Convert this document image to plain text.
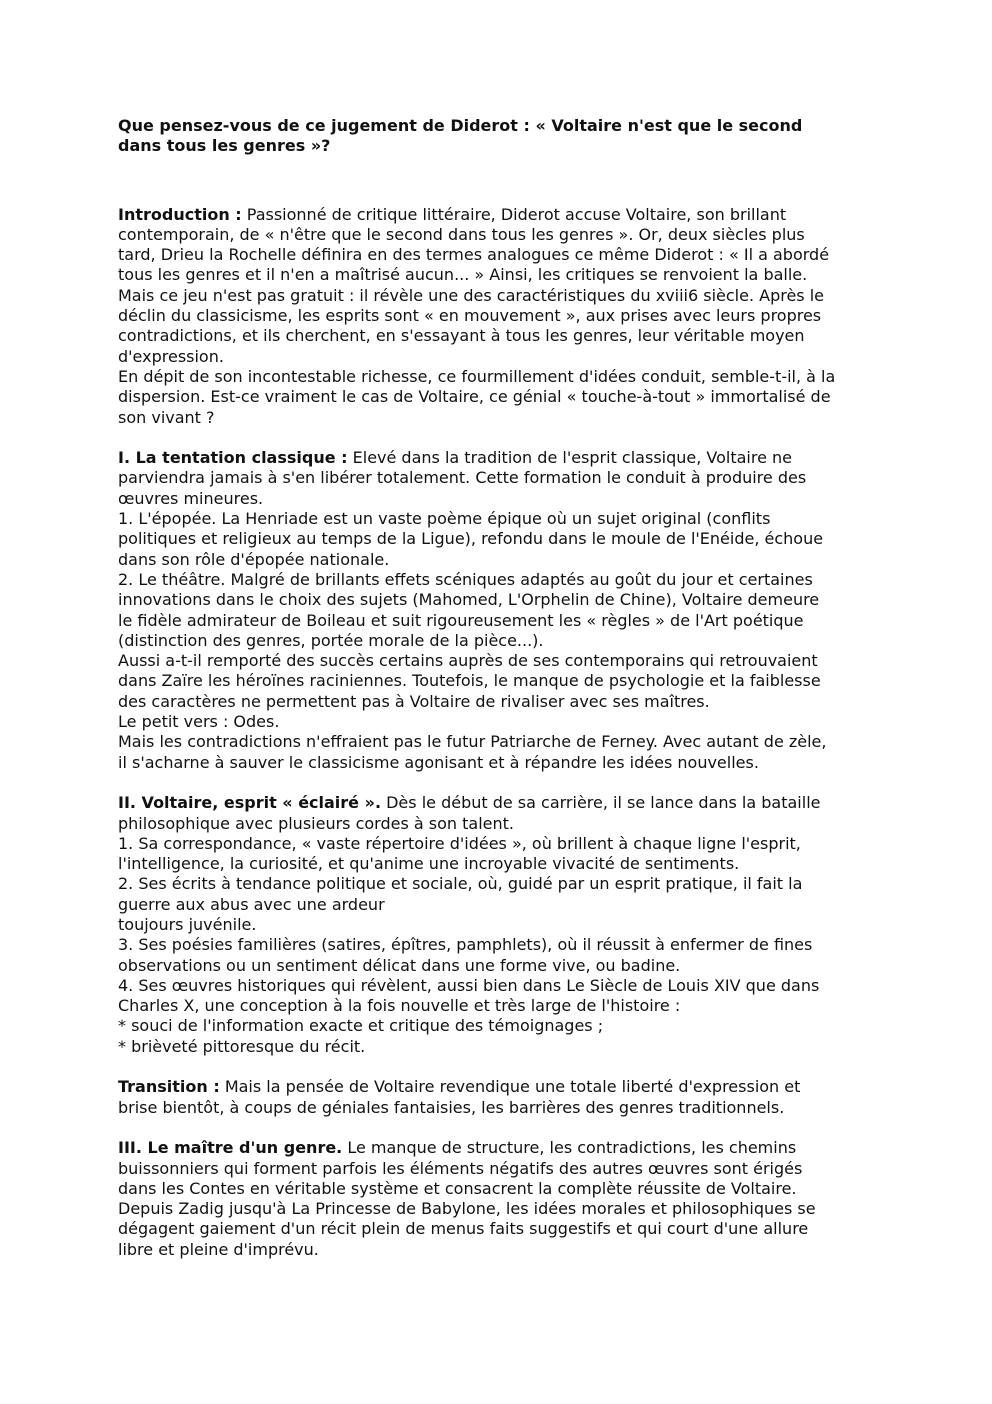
Que pensez-vous de ce jugement de Diderot : « Voltaire n'est que le second
dans tous les genres »?
Introduction : Passionné de critique littéraire, Diderot accuse Voltaire, son brillant
contemporain, de « n'être que le second dans tous les genres ». Or, deux siècles plus
tard, Drieu la Rochelle définira en des termes analogues ce même Diderot : « Il a abordé
tous les genres et il n'en a maîtrisé aucun... » Ainsi, les critiques se renvoient la balle.
Mais ce jeu n'est pas gratuit : il révèle une des caractéristiques du xviii6 siècle. Après le
déclin du classicisme, les esprits sont « en mouvement », aux prises avec leurs propres
contradictions, et ils cherchent, en s'essayant à tous les genres, leur véritable moyen
d'expression.
En dépit de son incontestable richesse, ce fourmillement d'idées conduit, semble-t-il, à la
dispersion. Est-ce vraiment le cas de Voltaire, ce génial « touche-à-tout » immortalisé de
son vivant ?
I. La tentation classique : Elevé dans la tradition de l'esprit classique, Voltaire ne
parviendra jamais à s'en libérer totalement. Cette formation le conduit à produire des
œuvres mineures.
1. L'épopée. La Henriade est un vaste poème épique où un sujet original (conflits
politiques et religieux au temps de la Ligue), refondu dans le moule de l'Enéide, échoue
dans son rôle d'épopée nationale.
2. Le théâtre. Malgré de brillants effets scéniques adaptés au goût du jour et certaines
innovations dans le choix des sujets (Mahomed, L'Orphelin de Chine), Voltaire demeure
le fidèle admirateur de Boileau et suit rigoureusement les « règles » de l'Art poétique
(distinction des genres, portée morale de la pièce...).
Aussi a-t-il remporté des succès certains auprès de ses contemporains qui retrouvaient
dans Zaïre les héroïnes raciniennes. Toutefois, le manque de psychologie et la faiblesse
des caractères ne permettent pas à Voltaire de rivaliser avec ses maîtres.
Le petit vers : Odes.
Mais les contradictions n'effraient pas le futur Patriarche de Ferney. Avec autant de zèle,
il s'acharne à sauver le classicisme agonisant et à répandre les idées nouvelles.
II. Voltaire, esprit « éclairé ». Dès le début de sa carrière, il se lance dans la bataille
philosophique avec plusieurs cordes à son talent.
1. Sa correspondance, « vaste répertoire d'idées », où brillent à chaque ligne l'esprit,
l'intelligence, la curiosité, et qu'anime une incroyable vivacité de sentiments.
2. Ses écrits à tendance politique et sociale, où, guidé par un esprit pratique, il fait la
guerre aux abus avec une ardeur
toujours juvénile.
3. Ses poésies familières (satires, épîtres, pamphlets), où il réussit à enfermer de fines
observations ou un sentiment délicat dans une forme vive, ou badine.
4. Ses œuvres historiques qui révèlent, aussi bien dans Le Siècle de Louis XIV que dans
Charles X, une conception à la fois nouvelle et très large de l'histoire :
* souci de l'information exacte et critique des témoignages ;
* brièveté pittoresque du récit.
Transition : Mais la pensée de Voltaire revendique une totale liberté d'expression et
brise bientôt, à coups de géniales fantaisies, les barrières des genres traditionnels.
III. Le maître d'un genre. Le manque de structure, les contradictions, les chemins
buissonniers qui forment parfois les éléments négatifs des autres œuvres sont érigés
dans les Contes en véritable système et consacrent la complète réussite de Voltaire.
Depuis Zadig jusqu'à La Princesse de Babylone, les idées morales et philosophiques se
dégagent gaiement d'un récit plein de menus faits suggestifs et qui court d'une allure
libre et pleine d'imprévu.
